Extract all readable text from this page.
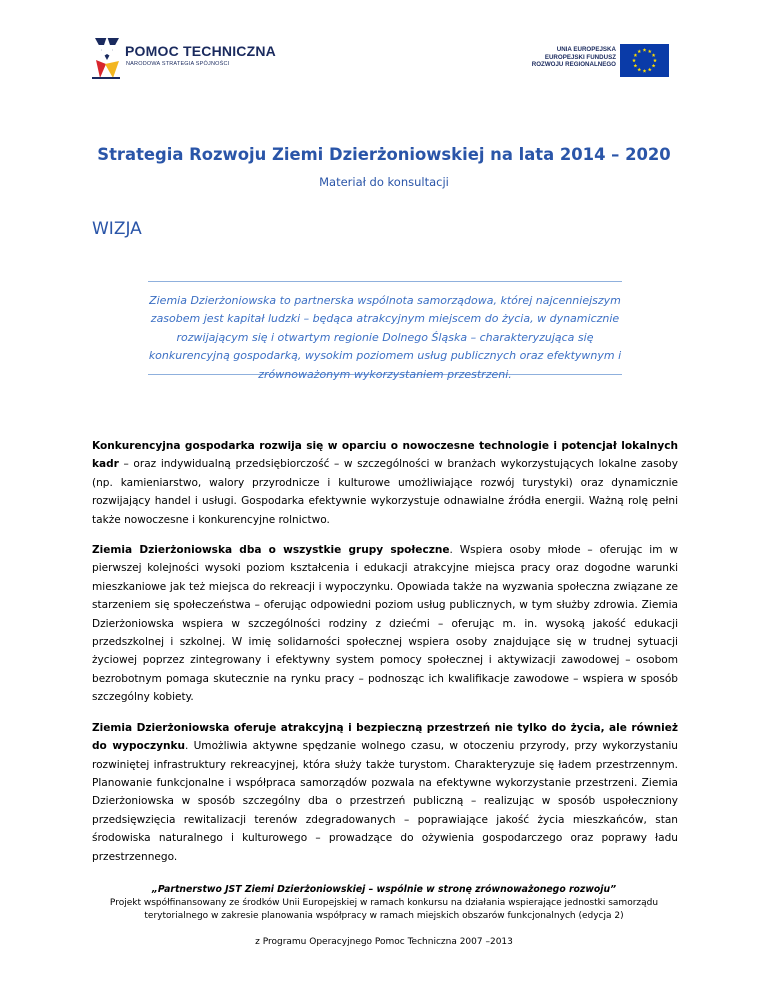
POMOC TECHNICZNA
NARODOWA STRATEGIA SPÓJNOŚCI
UNIA EUROPEJSKA
EUROPEJSKI FUNDUSZ
ROZWOJU REGIONALNEGO
Strategia Rozwoju Ziemi Dzierżoniowskiej na lata 2014 – 2020
Materiał do konsultacji
WIZJA

Ziemia Dzierżoniowska to partnerska wspólnota samorządowa, której najcenniejszym zasobem jest kapitał ludzki – będąca atrakcyjnym miejscem do życia, w dynamicznie rozwijającym się i otwartym regionie Dolnego Śląska – charakteryzująca się konkurencyjną gospodarką, wysokim poziomem usług publicznych oraz efektywnym i zrównoważonym wykorzystaniem przestrzeni.

Konkurencyjna gospodarka rozwija się w oparciu o nowoczesne technologie i potencjał lokalnych kadr – oraz indywidualną przedsiębiorczość – w szczególności w branżach wykorzystujących lokalne zasoby (np. kamieniarstwo, walory przyrodnicze i kulturowe umożliwiające rozwój turystyki) oraz dynamicznie rozwijający handel i usługi. Gospodarka efektywnie wykorzystuje odnawialne źródła energii. Ważną rolę pełni także nowoczesne i konkurencyjne rolnictwo.

Ziemia Dzierżoniowska dba o wszystkie grupy społeczne. Wspiera osoby młode – oferując im w pierwszej kolejności wysoki poziom kształcenia i edukacji atrakcyjne miejsca pracy oraz dogodne warunki mieszkaniowe jak też miejsca do rekreacji i wypoczynku. Opowiada także na wyzwania społeczna związane ze starzeniem się społeczeństwa – oferując odpowiedni poziom usług publicznych, w tym służby zdrowia. Ziemia Dzierżoniowska wspiera w szczególności rodziny z dziećmi – oferując m. in. wysoką jakość edukacji przedszkolnej i szkolnej. W imię solidarności społecznej wspiera osoby znajdujące się w trudnej sytuacji życiowej poprzez zintegrowany i efektywny system pomocy społecznej i aktywizacji zawodowej – osobom bezrobotnym pomaga skutecznie na rynku pracy – podnosząc ich kwalifikacje zawodowe – wspiera w sposób szczególny kobiety.

Ziemia Dzierżoniowska oferuje atrakcyjną i bezpieczną przestrzeń nie tylko do życia, ale również do wypoczynku. Umożliwia aktywne spędzanie wolnego czasu, w otoczeniu przyrody, przy wykorzystaniu rozwiniętej infrastruktury rekreacyjnej, która służy także turystom. Charakteryzuje się ładem przestrzennym. Planowanie funkcjonalne i współpraca samorządów pozwala na efektywne wykorzystanie przestrzeni. Ziemia Dzierżoniowska w sposób szczególny dba o przestrzeń publiczną – realizując w sposób uspołeczniony przedsięwzięcia rewitalizacji terenów zdegradowanych – poprawiające jakość życia mieszkańców, stan środowiska naturalnego i kulturowego – prowadzące do ożywienia gospodarczego oraz poprawy ładu przestrzennego.

„Partnerstwo JST Ziemi Dzierżoniowskiej – wspólnie w stronę zrównoważonego rozwoju”
Projekt współfinansowany ze środków Unii Europejskiej w ramach konkursu na działania wspierające jednostki samorządu
terytorialnego w zakresie planowania współpracy w ramach miejskich obszarów funkcjonalnych (edycja 2)
z Programu Operacyjnego Pomoc Techniczna 2007 –2013
